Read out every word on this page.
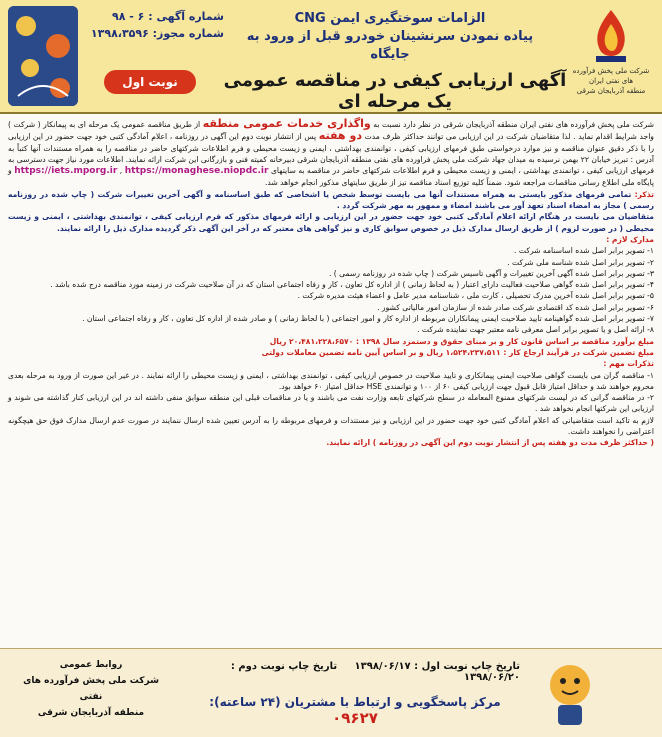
شماره آگهی : ۶ - ۹۸
شماره مجوز: ۱۳۹۸،۳۵۹۶
نوبت اول
الزامات سوختگیری ایمن CNG
پیاده نمودن سرنشینان خودرو قبل از ورود به جایگاه
آگهی ارزیابی کیفی در مناقصه عمومی یک مرحله ای
شرکت ملی پخش فرآورده های نفتی ایران
منطقه آذربایجان شرقی

شرکت ملی پخش فرآورده های نفتی ایران منطقه آذربایجان شرقی در نظر دارد نسبت به واگذاری خدمات عمومی منطقه از طریق مناقصه عمومی یک مرحله ای به پیمانکار ( شرکت ) واجد شرایط اقدام نماید . لذا متقاضیان شرکت در این ارزیابی می توانند حداکثر ظرف مدت دو هفته پس از انتشار نوبت دوم این آگهی در روزنامه ، اعلام آمادگی کتبی خود جهت حضور در این ارزیابی را با ذکر دقیق عنوان مناقصه و نیز موارد درخواستی طبق فرمهای ارزیابی کیفی ، توانمندی بهداشتی ، ایمنی و زیست محیطی و فرم اطلاعات شرکتهای حاضر در مناقصه را به همراه مستندات آنها کتباً به آدرس : تبریز خیابان ۲۲ بهمن نرسیده به میدان جهاد شرکت ملی پخش فراورده های نفتی منطقه آذربایجان شرقی دبیرخانه کمیته فنی و بازرگانی این شرکت ارائه نمایند. اطلاعات مورد نیاز جهت دسترسی به فرمهای ارزیابی کیفی ، توانمندی بهداشتی ، ایمنی و زیست محیطی و فرم اطلاعات شرکتهای حاضر در مناقصه به سایتهای https://iets.mporg.ir , https://monaghese.niopdc.ir و پایگاه ملی اطلاع رسانی مناقصات مراجعه شود. ضمناً کلیه توزیع اسناد مناقصه نیز از طریق سایتهای مذکور انجام خواهد شد.

تذکر: تمامی فرمهای مذکور بایستی به همراه مستندات آنها می بایست توسط شخص یا اشخاصی که طبق اساسنامه و آگهی آخرین تغییرات شرکت ( چاپ شده در روزنامه رسمی ) مجاز به امضاء اسناد تعهد آور می باشند امضاء و ممهور به مهر شرکت گردد .

متقاضیان می بایست در هنگام ارائه اعلام آمادگی کتبی خود جهت حضور در این ارزیابی و ارائه فرمهای مذکور که فرم ارزیابی کیفی ، توانمندی بهداشتی ، ایمنی و زیست محیطی ( در صورت لزوم ) از طریق ارسال مدارک ذیل در خصوص سوابق کاری و نیز گواهی های معتبر که در آخر این آگهی ذکر گردیده مدارک ذیل را ارائه نمایند.

مدارک لازم :

۱- تصویر برابر اصل شده اساسنامه شرکت .
۲- تصویر برابر اصل شده شناسه ملی شرکت .
۳- تصویر برابر اصل شده آگهی آخرین تغییرات و آگهی تاسیس شرکت ( چاپ شده در روزنامه رسمی ) .
۴- تصویر برابر اصل شده گواهی صلاحیت فعالیت دارای اعتبار ( به لحاظ زمانی ) از اداره کل تعاون ، کار و رفاه اجتماعی استان که در آن صلاحیت شرکت در زمینه مورد مناقصه درج شده باشد .
۵- تصویر برابر اصل شده آخرین مدرک تحصیلی ، کارت ملی ، شناسنامه مدیر عامل و اعضاء هیئت مدیره شرکت .
۶- تصویر برابر اصل شده کد اقتصادی شرکت صادر شده از سازمان امور مالیاتی کشور .
۷- تصویر برابر اصل شده گواهینامه تایید صلاحیت ایمنی پیمانکاران مربوطه از اداره کار و امور اجتماعی ( با لحاظ زمانی ) و صادر شده از اداره کل تعاون ، کار و رفاه اجتماعی استان .
۸- ارائه اصل و یا تصویر برابر اصل معرفی نامه معتبر جهت نماینده شرکت .

مبلغ برآورد مناقصه بر اساس قانون کار و بر مبنای حقوق و دستمزد سال ۱۳۹۸ : ۲۰،۴۸۱،۲۲۸،۶۵۷۰ ریال

مبلغ تضمین شرکت در فرآیند ارجاع کار : ۱،۵۲۴،۲۳۷،۵۱۱ ریال و بر اساس آیین نامه تضمین معاملات دولتی

تذکرات مهم :

۱- مناقصه گران می بایست گواهی صلاحیت ایمنی پیمانکاری و تایید صلاحیت در خصوص ارزیابی کیفی ، توانمندی بهداشتی ، ایمنی و زیست محیطی را ارائه نمایند . در غیر این صورت از ورود به مرحله بعدی محروم خواهند شد و حداقل امتیاز قابل قبول جهت ارزیابی کیفی ۶۰ از ۱۰۰ و توانمندی HSE حداقل امتیاز ۶۰ خواهد بود.

۲- در مناقصه گرانی که در لیست شرکتهای ممنوع المعامله در سطح شرکتهای تابعه وزارت نفت می باشند و یا در مناقصات قبلی این منطقه سوابق منفی داشته اند در این ارزیابی کنار گذاشته می شوند و ارزیابی این شرکتها انجام نخواهد شد .

لازم به تاکید است متقاضیانی که اعلام آمادگی کتبی خود جهت حضور در این ارزیابی و نیز مستندات و فرمهای مربوطه را به آدرس تعیین شده ارسال ننمایند در صورت عدم ارسال مدارک فوق حق هیچگونه اعتراضی را نخواهند داشت.

( حداکثر ظرف مدت دو هفته پس از انتشار نوبت دوم این آگهی در روزنامه ) ارائه نمایند.

روابط عمومی
شرکت ملی پخش فرآورده های نفتی
منطقه آذربایجان شرقی
تاریخ چاپ نوبت اول : ۱۳۹۸/۰۶/۱۷     تاریخ چاپ نوبت دوم : ۱۳۹۸/۰۶/۲۰
مرکز پاسخگویی و ارتباط با مشتریان (۲۴ ساعته): ۰۹۶۲۷
